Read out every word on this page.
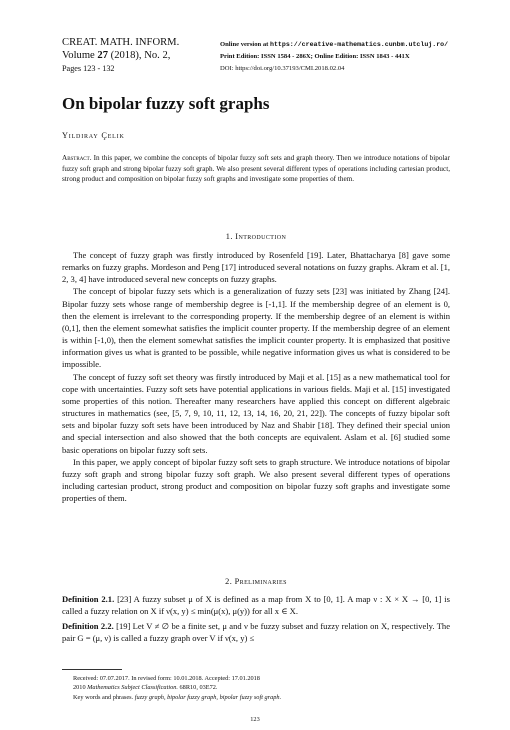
CREAT. MATH. INFORM.
Volume 27 (2018), No. 2,
Pages 123 - 132
Online version at https://creative-mathematics.cunbm.utcluj.ro/
Print Edition: ISSN 1584 - 286X; Online Edition: ISSN 1843 - 441X
DOI: https://doi.org/10.37193/CMI.2018.02.04
On bipolar fuzzy soft graphs
Yıldıray Çelik
Abstract. In this paper, we combine the concepts of bipolar fuzzy soft sets and graph theory. Then we introduce notations of bipolar fuzzy soft graph and strong bipolar fuzzy soft graph. We also present several different types of operations including cartesian product, strong product and composition on bipolar fuzzy soft graphs and investigate some properties of them.
1. Introduction

The concept of fuzzy graph was firstly introduced by Rosenfeld [19]. Later, Bhattacharya [8] gave some remarks on fuzzy graphs. Mordeson and Peng [17] introduced several notations on fuzzy graphs. Akram et al. [1, 2, 3, 4] have introduced several new concepts on fuzzy graphs.

The concept of bipolar fuzzy sets which is a generalization of fuzzy sets [23] was initiated by Zhang [24]. Bipolar fuzzy sets whose range of membership degree is [-1,1]. If the membership degree of an element is 0, then the element is irrelevant to the corresponding property. If the membership degree of an element is within (0,1], then the element somewhat satisfies the implicit counter property. If the membership degree of an element is within [-1,0), then the element somewhat satisfies the implicit counter property. It is emphasized that positive information gives us what is granted to be possible, while negative information gives us what is considered to be impossible.

The concept of fuzzy soft set theory was firstly introduced by Maji et al. [15] as a new mathematical tool for cope with uncertainties. Fuzzy soft sets have potential applications in various fields. Maji et al. [15] investigated some properties of this notion. Thereafter many researchers have applied this concept on different algebraic structures in mathematics (see, [5, 7, 9, 10, 11, 12, 13, 14, 16, 20, 21, 22]). The concepts of fuzzy bipolar soft sets and bipolar fuzzy soft sets have been introduced by Naz and Shabir [18]. They defined their special union and special intersection and also showed that the both concepts are equivalent. Aslam et al. [6] studied some basic operations on bipolar fuzzy soft sets.

In this paper, we apply concept of bipolar fuzzy soft sets to graph structure. We introduce notations of bipolar fuzzy soft graph and strong bipolar fuzzy soft graph. We also present several different types of operations including cartesian product, strong product and composition on bipolar fuzzy soft graphs and investigate some properties of them.

2. Preliminaries

Definition 2.1. [23] A fuzzy subset μ of X is defined as a map from X to [0, 1]. A map ν : X × X → [0, 1] is called a fuzzy relation on X if ν(x, y) ≤ min(μ(x), μ(y)) for all x ∈ X.

Definition 2.2. [19] Let V ≠ ∅ be a finite set, μ and ν be fuzzy subset and fuzzy relation on X, respectively. The pair G = (μ, ν) is called a fuzzy graph over V if ν(x, y) ≤

Received: 07.07.2017. In revised form: 10.01.2018. Accepted: 17.01.2018
2010 Mathematics Subject Classification. 68R10, 03E72.
Key words and phrases. fuzzy graph, bipolar fuzzy graph, bipolar fuzzy soft graph.
123
